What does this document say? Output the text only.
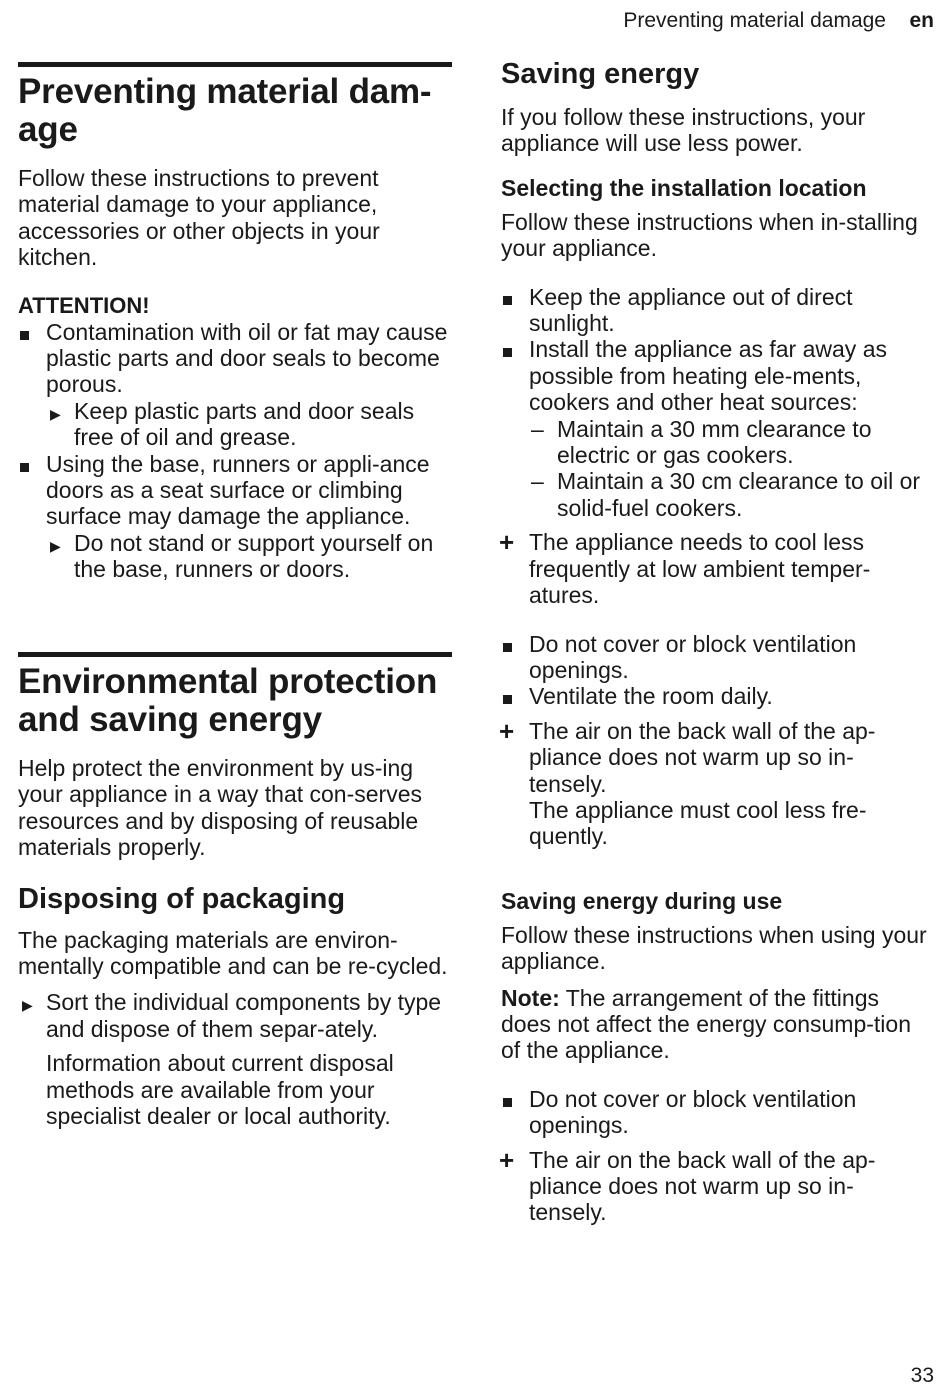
Preventing material damage en
Preventing material dam-age

Follow these instructions to prevent material damage to your appliance, accessories or other objects in your kitchen.

ATTENTION!

Contamination with oil or fat may cause plastic parts and door seals to become porous.
▶ Keep plastic parts and door seals free of oil and grease.
Using the base, runners or appli-ance doors as a seat surface or climbing surface may damage the appliance.
▶ Do not stand or support yourself on the base, runners or doors.
Environmental protection and saving energy

Help protect the environment by us-ing your appliance in a way that con-serves resources and by disposing of reusable materials properly.

Disposing of packaging

The packaging materials are environ-mentally compatible and can be re-cycled.

▶ Sort the individual components by type and dispose of them separ-ately.

Information about current disposal methods are available from your specialist dealer or local authority.

Saving energy

If you follow these instructions, your appliance will use less power.

Selecting the installation location

Follow these instructions when in-stalling your appliance.

Keep the appliance out of direct sunlight.
Install the appliance as far away as possible from heating ele-ments, cookers and other heat sources:
– Maintain a 30 mm clearance to electric or gas cookers.
– Maintain a 30 cm clearance to oil or solid-fuel cookers.
+ The appliance needs to cool less frequently at low ambient temper-atures.
Do not cover or block ventilation openings.
Ventilate the room daily.
+ The air on the back wall of the ap-pliance does not warm up so in-tensely.

The appliance must cool less fre-quently.

Saving energy during use

Follow these instructions when using your appliance.

Note: The arrangement of the fittings does not affect the energy consump-tion of the appliance.

Do not cover or block ventilation openings.
+ The air on the back wall of the ap-pliance does not warm up so in-tensely.
33
